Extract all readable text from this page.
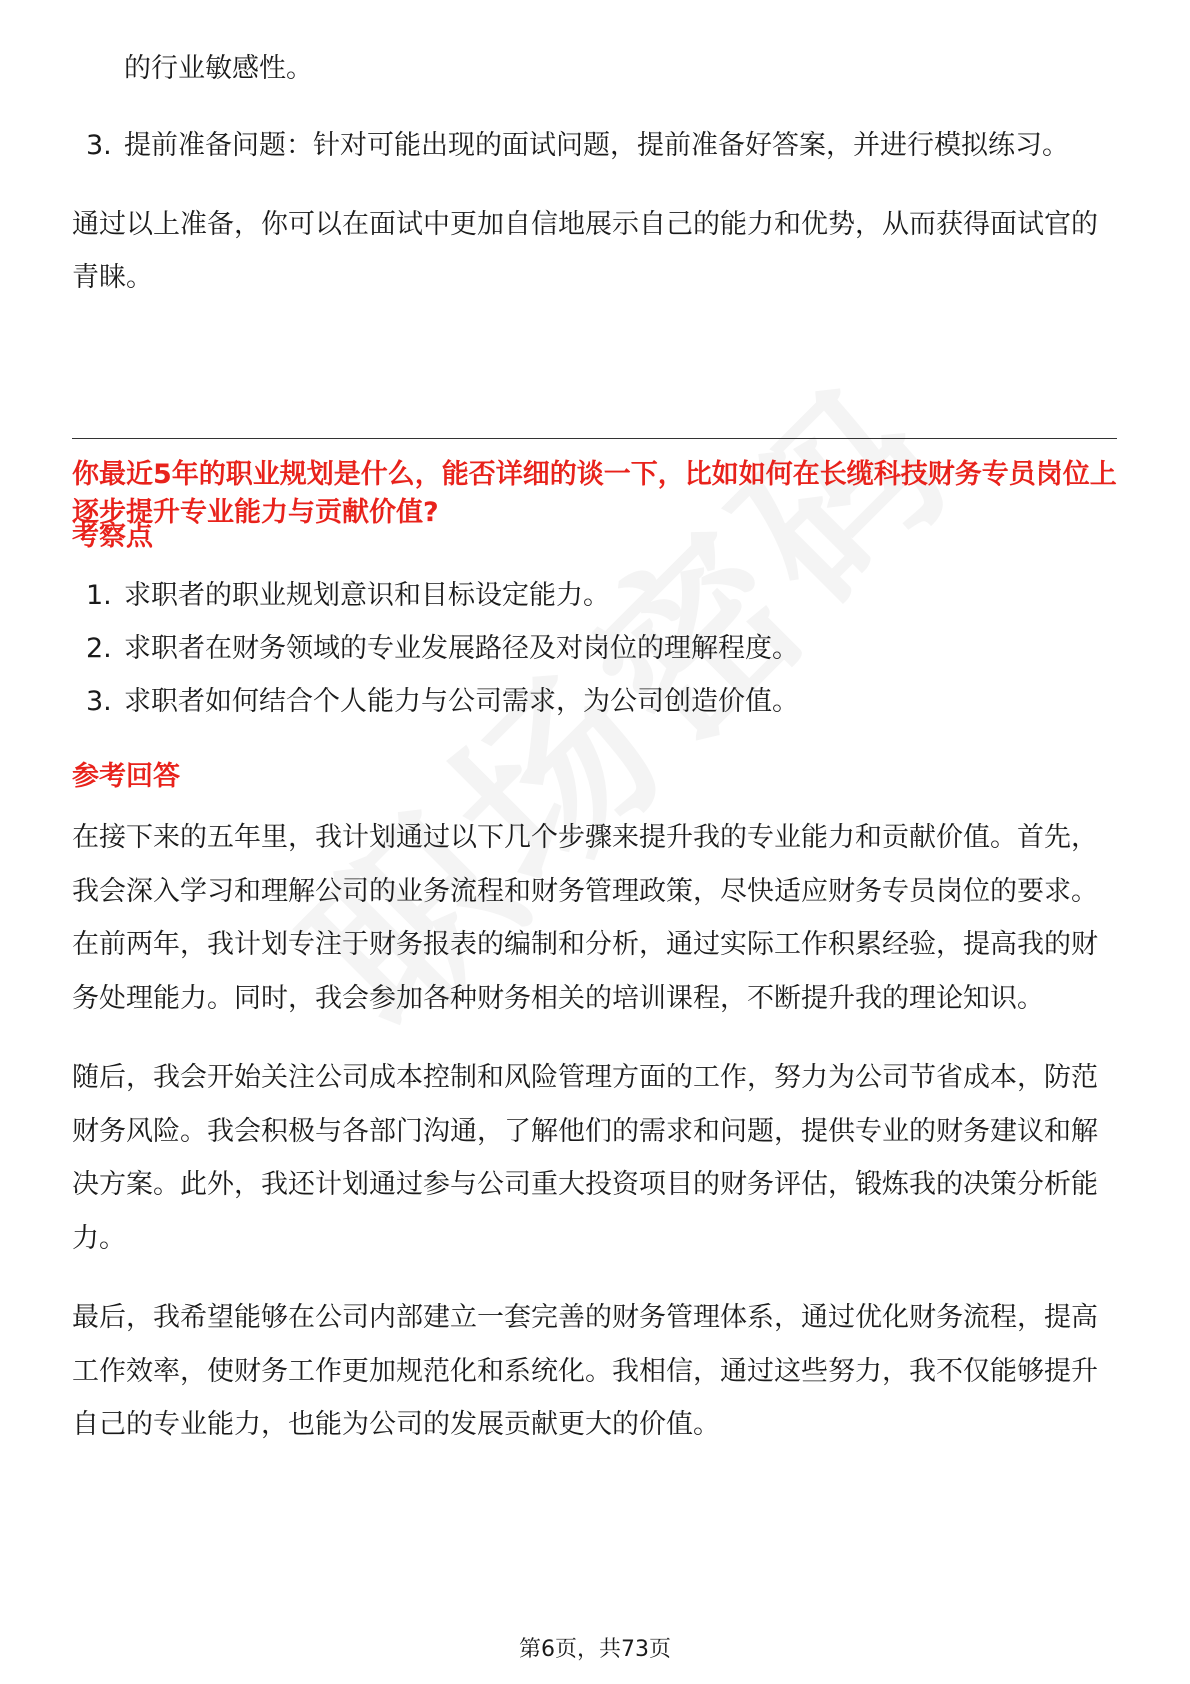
的行业敏感性。

3. 提前准备问题：针对可能出现的面试问题，提前准备好答案，并进行模拟练习。

通过以上准备，你可以在面试中更加自信地展示自己的能力和优势，从而获得面试官的青睐。

你最近5年的职业规划是什么，能否详细的谈一下，比如如何在长缆科技财务专员岗位上逐步提升专业能力与贡献价值?

考察点

1. 求职者的职业规划意识和目标设定能力。
2. 求职者在财务领域的专业发展路径及对岗位的理解程度。
3. 求职者如何结合个人能力与公司需求，为公司创造价值。

参考回答

在接下来的五年里，我计划通过以下几个步骤来提升我的专业能力和贡献价值。首先，我会深入学习和理解公司的业务流程和财务管理政策，尽快适应财务专员岗位的要求。在前两年，我计划专注于财务报表的编制和分析，通过实际工作积累经验，提高我的财务处理能力。同时，我会参加各种财务相关的培训课程，不断提升我的理论知识。

随后，我会开始关注公司成本控制和风险管理方面的工作，努力为公司节省成本，防范财务风险。我会积极与各部门沟通，了解他们的需求和问题，提供专业的财务建议和解决方案。此外，我还计划通过参与公司重大投资项目的财务评估，锻炼我的决策分析能力。

最后，我希望能够在公司内部建立一套完善的财务管理体系，通过优化财务流程，提高工作效率，使财务工作更加规范化和系统化。我相信，通过这些努力，我不仅能够提升自己的专业能力，也能为公司的发展贡献更大的价值。

第6页，共73页
